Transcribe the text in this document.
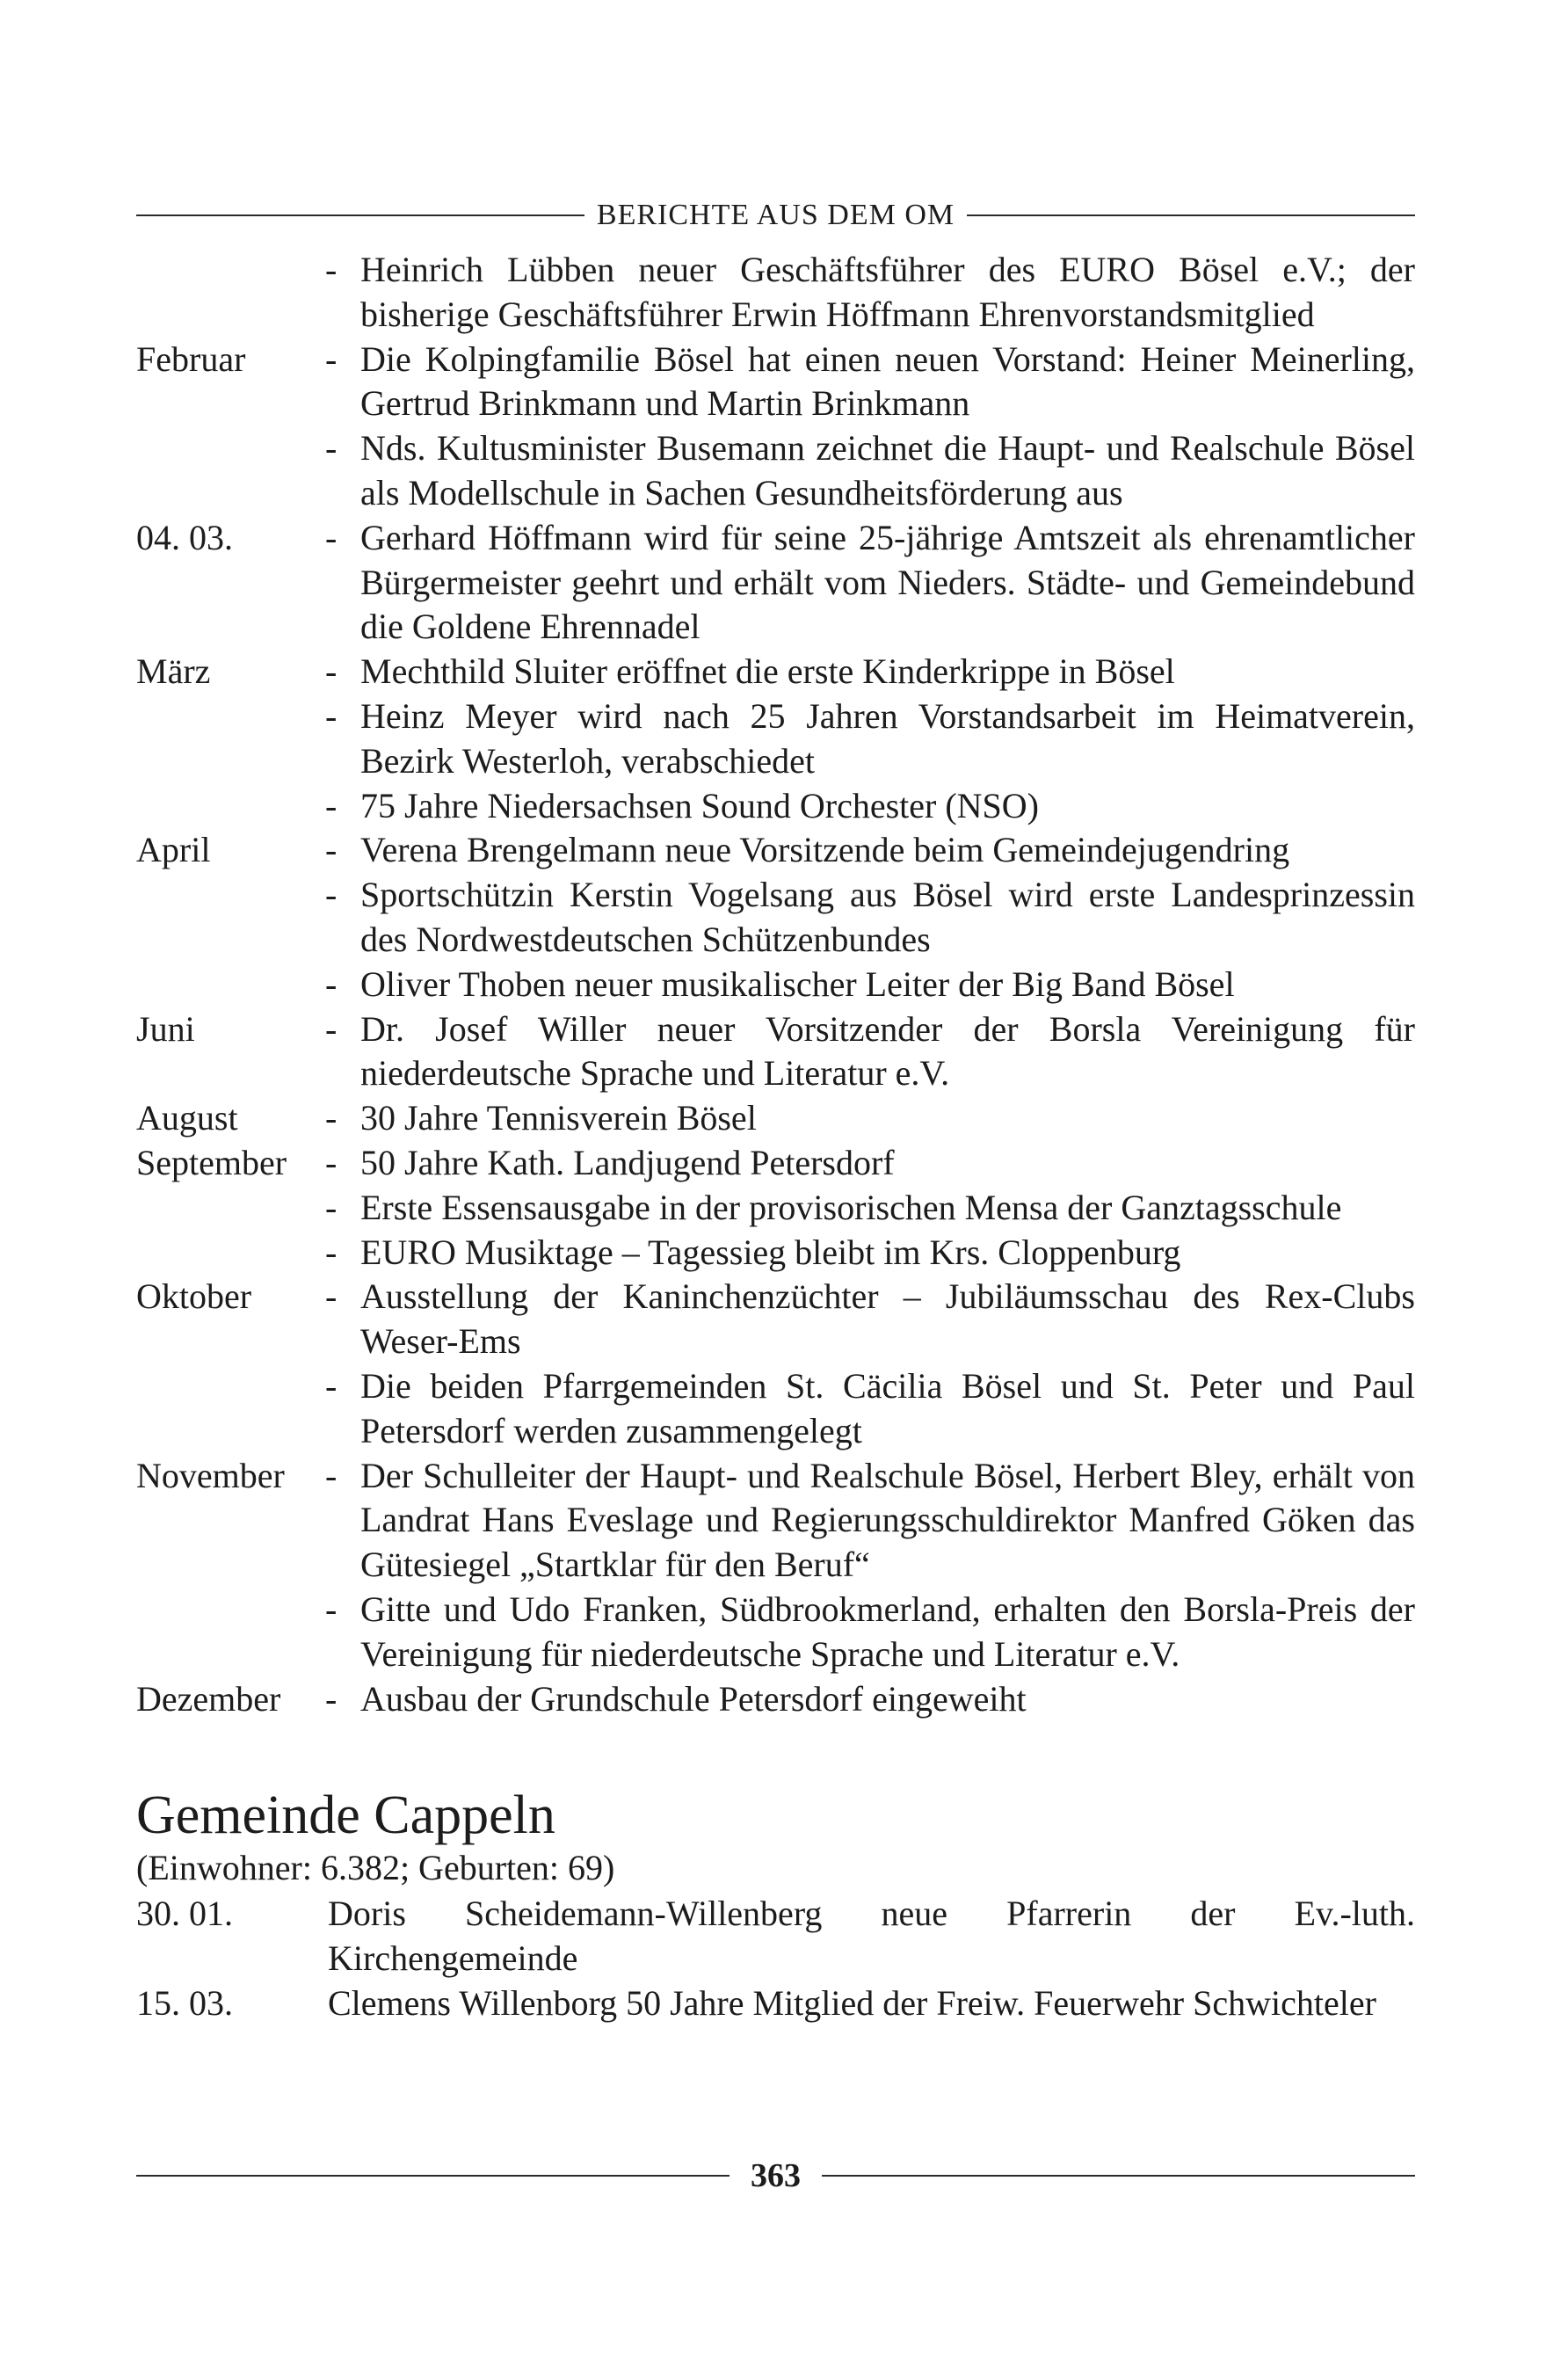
BERICHTE AUS DEM OM
- Heinrich Lübben neuer Geschäftsführer des EURO Bösel e.V.; der bisherige Geschäftsführer Erwin Höffmann Ehrenvorstandsmitglied
Februar	- Die Kolpingfamilie Bösel hat einen neuen Vorstand: Heiner Meinerling, Gertrud Brinkmann und Martin Brinkmann
- Nds. Kultusminister Busemann zeichnet die Haupt- und Realschule Bösel als Modellschule in Sachen Gesundheitsförderung aus
04. 03.	- Gerhard Höffmann wird für seine 25-jährige Amtszeit als ehrenamtlicher Bürgermeister geehrt und erhält vom Nieders. Städte- und Gemeindebund die Goldene Ehrennadel
März	- Mechthild Sluiter eröffnet die erste Kinderkrippe in Bösel
- Heinz Meyer wird nach 25 Jahren Vorstandsarbeit im Heimatverein, Bezirk Westerloh, verabschiedet
- 75 Jahre Niedersachsen Sound Orchester (NSO)
April	- Verena Brengelmann neue Vorsitzende beim Gemeindejugendring
- Sportschützin Kerstin Vogelsang aus Bösel wird erste Landesprinzessin des Nordwestdeutschen Schützenbundes
- Oliver Thoben neuer musikalischer Leiter der Big Band Bösel
Juni	- Dr. Josef Willer neuer Vorsitzender der Borsla Vereinigung für niederdeutsche Sprache und Literatur e.V.
August	- 30 Jahre Tennisverein Bösel
September	- 50 Jahre Kath. Landjugend Petersdorf
- Erste Essensausgabe in der provisorischen Mensa der Ganztagsschule
- EURO Musiktage – Tagessieg bleibt im Krs. Cloppenburg
Oktober	- Ausstellung der Kaninchenzüchter – Jubiläumsschau des Rex-Clubs Weser-Ems
- Die beiden Pfarrgemeinden St. Cäcilia Bösel und St. Peter und Paul Petersdorf werden zusammengelegt
November	- Der Schulleiter der Haupt- und Realschule Bösel, Herbert Bley, erhält von Landrat Hans Eveslage und Regierungsschuldirektor Manfred Göken das Gütesiegel „Startklar für den Beruf“
- Gitte und Udo Franken, Südbrookmerland, erhalten den Borsla-Preis der Vereinigung für niederdeutsche Sprache und Literatur e.V.
Dezember	- Ausbau der Grundschule Petersdorf eingeweiht
Gemeinde Cappeln
(Einwohner: 6.382; Geburten: 69)
30. 01.	Doris Scheidemann-Willenberg neue Pfarrerin der Ev.-luth. Kirchengemeinde
15. 03.	Clemens Willenborg 50 Jahre Mitglied der Freiw. Feuerwehr Schwichteler
363
